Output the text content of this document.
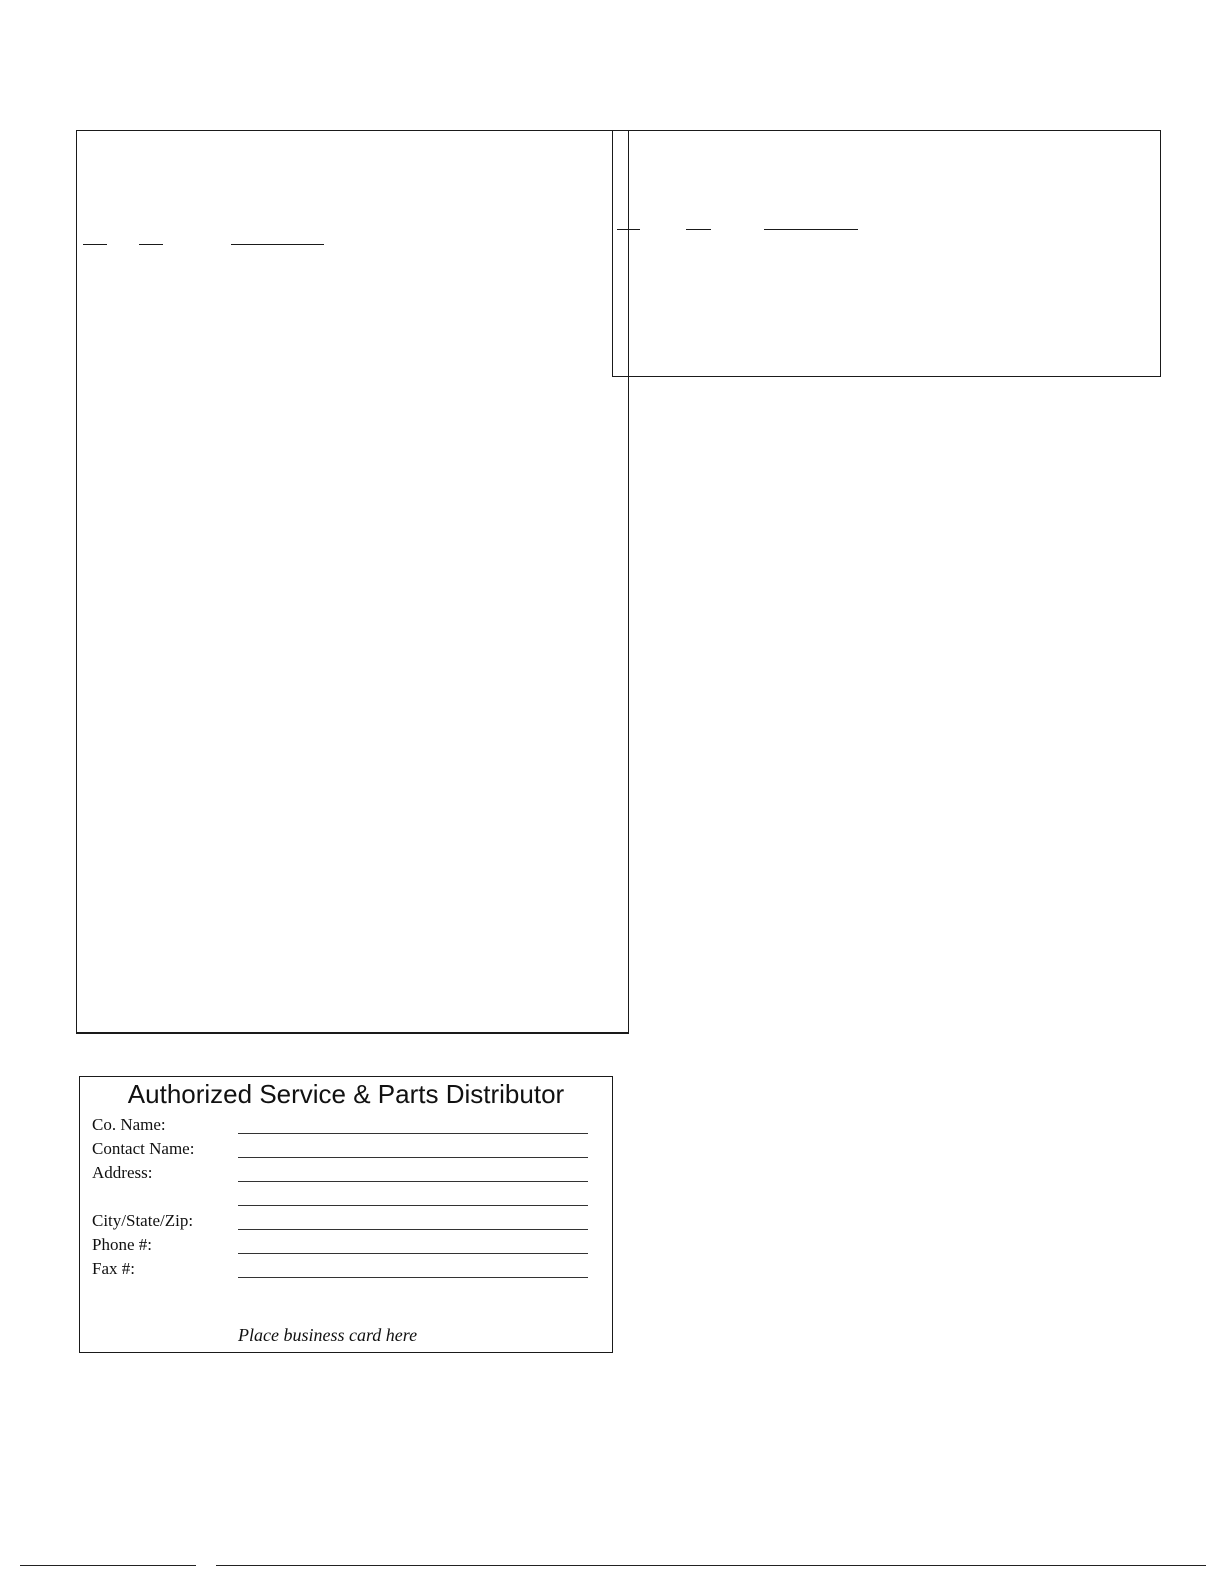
Authorized Service & Parts Distributor
Co. Name:
Contact Name:
Address:
City/State/Zip:
Phone #:
Fax #:
Place business card here
